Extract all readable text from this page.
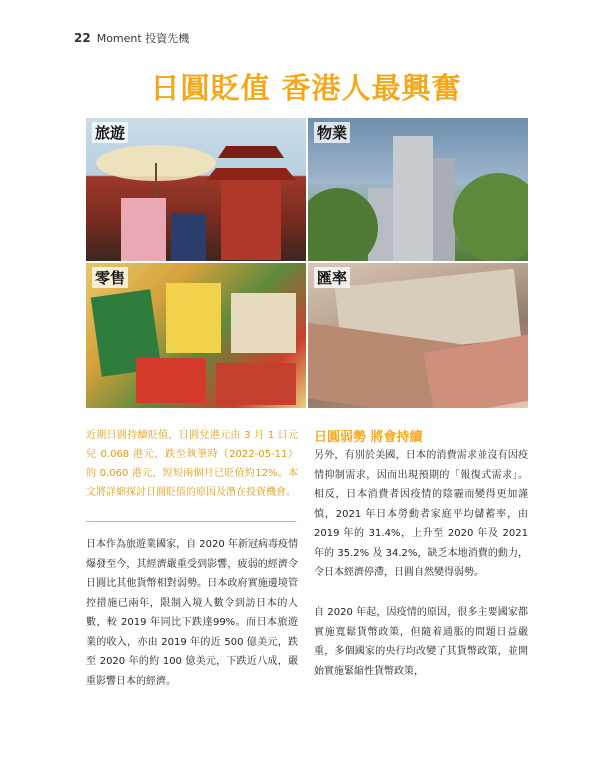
22 Moment 投資先機
日圓貶值 香港人最興奮
旅遊	物業
零售	匯率
近期日圓持續貶值，日圓兌港元由 3 月 1 日元兒 0.068 港元，跌至執筆時（2022-05-11）的 0.060 港元，短短兩個月已貶值約12%。本文將詳細探討日圓貶值的原因及潛在投資機會。
日本作為旅遊業國家，自 2020 年新冠病毒疫情爆發至今，其經濟嚴重受到影響，疲弱的經濟令日圓比其他貨幣相對弱勢。日本政府實施邊境管控措施已兩年，限制入境人數令到訪日本的人數，較 2019 年同比下跌達99%。而日本旅遊業的收入，亦由 2019 年的近 500 億美元，跌至 2020 年的約 100 億美元，下跌近八成，嚴重影響日本的經濟。
日圓弱勢 將會持續
另外，有別於美國，日本的消費需求並沒有因疫情抑制需求，因而出現預期的「報復式需求」。相反，日本消費者因疫情的陰霾而變得更加謹慎，2021 年日本勞動者家庭平均儲蓄率，由 2019 年的 31.4%，上升至 2020 年及 2021 年的 35.2% 及 34.2%，缺乏本地消費的動力，令日本經濟停滯，日圓自然變得弱勢。
自 2020 年起，因疫情的原因，很多主要國家都實施寬鬆貨幣政策，但隨着通脹的問題日益嚴重，多個國家的央行均改變了其貨幣政策，並開始實施緊縮性貨幣政策，
